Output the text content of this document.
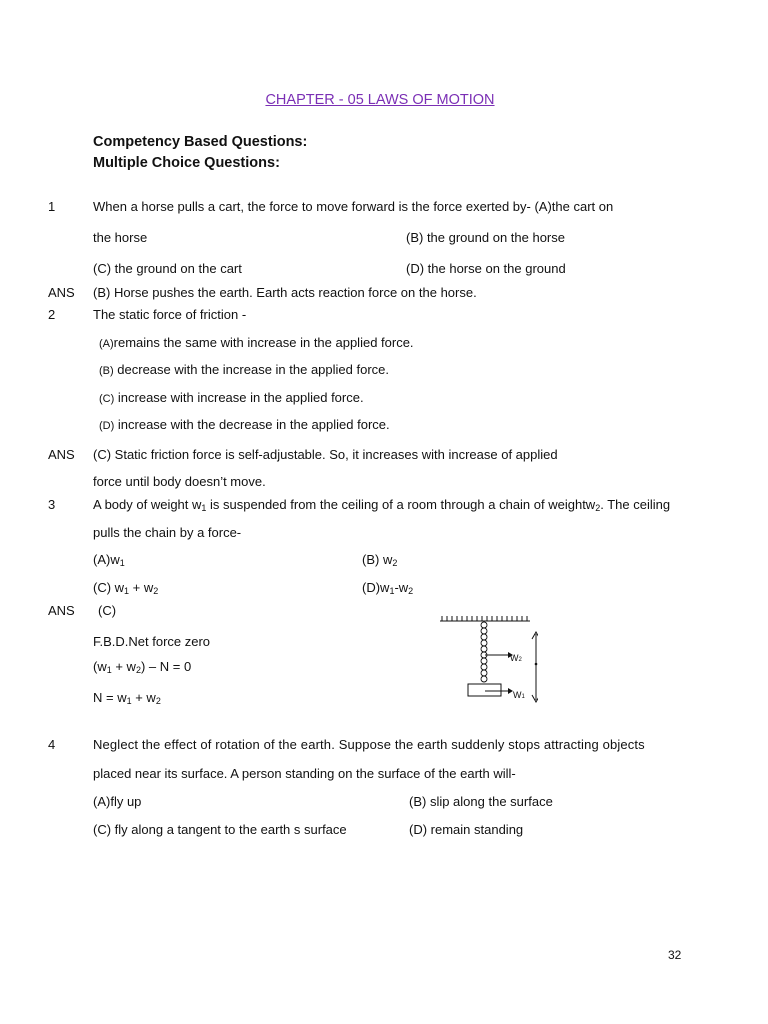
CHAPTER - 05 LAWS OF MOTION
Competency Based Questions:
Multiple Choice Questions:
1	When a horse pulls a cart, the force to move forward is the force exerted by- (A)the cart on
the horse	(B) the ground on the horse
(C) the ground on the cart	(D) the horse on the ground
ANS (B) Horse pushes the earth. Earth acts reaction force on the horse.
2	The static force of friction -
(A)remains the same with increase in the applied force.
(B) decrease with the increase in the applied force.
(C) increase with increase in the applied force.
(D) increase with the decrease in the applied force.
ANS (C) Static friction force is self-adjustable. So, it increases with increase of applied
force until body doesn’t move.
3	A body of weight $w_1$ is suspended from the ceiling of a room through a chain of weightw$_2$. The ceiling
pulls the chain by a force-
$(A)w_1$	(B) $w_2$
(C) $w_1 + w_2$	$(D)w_1-w_2$
ANS (C)
F.B.D.Net force zero
$(w_1 + w_2) - N = 0$
$N = w_1 + w_2$
W2
W1
4	Neglect the effect of rotation of the earth. Suppose the earth suddenly stops attracting objects
placed near its surface. A person standing on the surface of the earth will-
(A)fly up	(B) slip along the surface
(C) fly along a tangent to the earth s surface	(D) remain standing
32
